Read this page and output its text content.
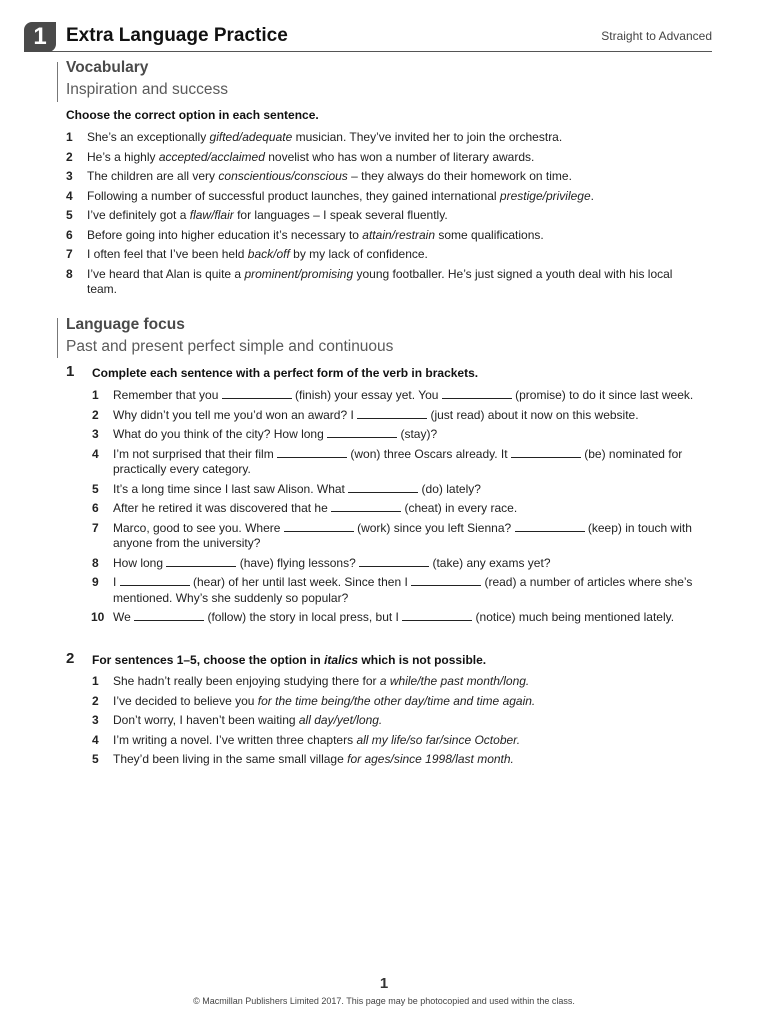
1	Extra Language Practice	Straight to Advanced
Vocabulary
Inspiration and success
Choose the correct option in each sentence.
1 She’s an exceptionally gifted/adequate musician. They’ve invited her to join the orchestra.
2 He’s a highly accepted/acclaimed novelist who has won a number of literary awards.
3 The children are all very conscientious/conscious – they always do their homework on time.
4 Following a number of successful product launches, they gained international prestige/privilege.
5 I’ve definitely got a flaw/flair for languages – I speak several fluently.
6 Before going into higher education it’s necessary to attain/restrain some qualifications.
7 I often feel that I’ve been held back/off by my lack of confidence.
8 I’ve heard that Alan is quite a prominent/promising young footballer. He’s just signed a youth deal with his local team.
Language focus
Past and present perfect simple and continuous
1 Complete each sentence with a perfect form of the verb in brackets.
1 Remember that you	(finish) your essay yet. You	(promise) to do it since last week.
2 Why didn’t you tell me you’d won an award? I	(just read) about it now on this website.
3 What do you think of the city? How long	(stay)?
4 I’m not surprised that their film	(won) three Oscars already. It	(be) nominated for practically every category.
5 It’s a long time since I last saw Alison. What	(do) lately?
6 After he retired it was discovered that he	(cheat) in every race.
7 Marco, good to see you. Where	(work) since you left Sienna?	(keep) in touch with anyone from the university?
8 How long	(have) flying lessons?	(take) any exams yet?
9 I	(hear) of her until last week. Since then I	(read) a number of articles where she’s mentioned. Why’s she suddenly so popular?
10 We	(follow) the story in local press, but I	(notice) much being mentioned lately.
2 For sentences 1–5, choose the option in italics which is not possible.
1 She hadn’t really been enjoying studying there for a while/the past month/long.
2 I’ve decided to believe you for the time being/the other day/time and time again.
3 Don’t worry, I haven’t been waiting all day/yet/long.
4 I’m writing a novel. I’ve written three chapters all my life/so far/since October.
5 They’d been living in the same small village for ages/since 1998/last month.
1
© Macmillan Publishers Limited 2017. This page may be photocopied and used within the class.
